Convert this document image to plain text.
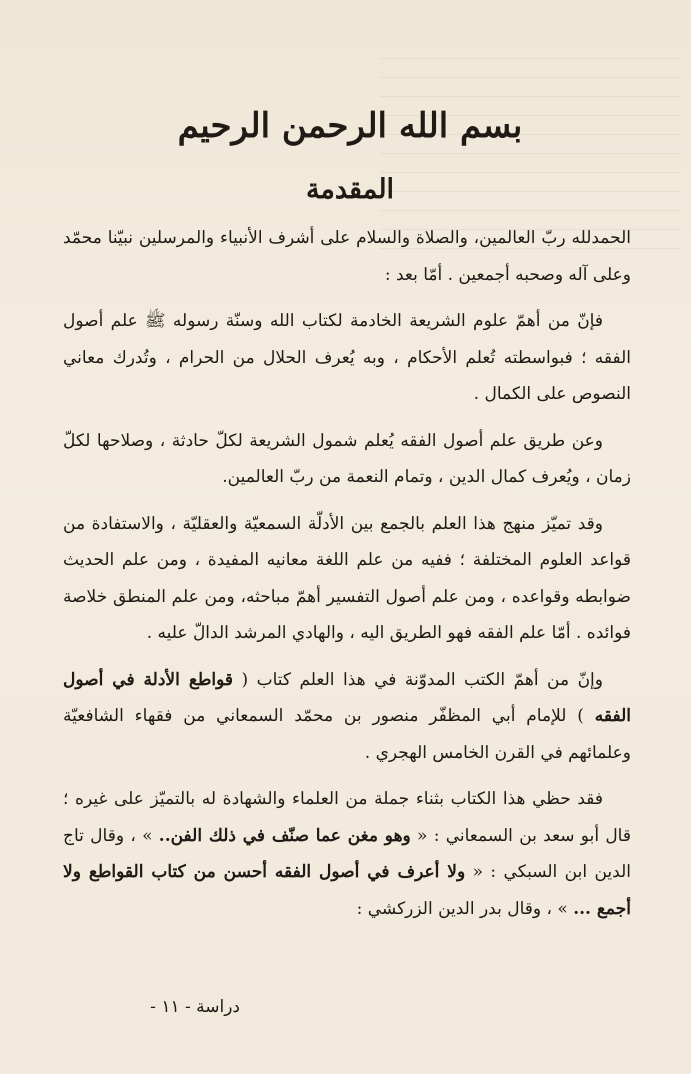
بسم الله الرحمن الرحيم
المقدمة

الحمدلله ربّ العالمين، والصلاة والسلام على أشرف الأنبياء والمرسلين نبيّنا محمّد وعلى آله وصحبه أجمعين . أمّا بعد :

فإنّ من أهمّ علوم الشريعة الخادمة لكتاب الله وسنّة رسوله ﷺ علم أصول الفقه ؛ فبواسطته تُعلم الأحكام ، وبه يُعرف الحلال من الحرام ، وتُدرك معاني النصوص على الكمال .

وعن طريق علم أصول الفقه يُعلم شمول الشريعة لكلّ حادثة ، وصلاحها لكلّ زمان ، ويُعرف كمال الدين ، وتمام النعمة من ربّ العالمين.

وقد تميّز منهج هذا العلم بالجمع بين الأدلّة السمعيّة والعقليّة ، والاستفادة من قواعد العلوم المختلفة ؛ ففيه من علم اللغة معانيه المفيدة ، ومن علم الحديث ضوابطه وقواعده ، ومن علم أصول التفسير أهمّ مباحثه، ومن علم المنطق خلاصة فوائده . أمّا علم الفقه فهو الطريق اليه ، والهادي المرشد الدالّ عليه .

وإنّ من أهمّ الكتب المدوّنة في هذا العلم كتاب ( قواطع الأدلة في أصول الفقه ) للإمام أبي المظفّر منصور بن محمّد السمعاني من فقهاء الشافعيّة وعلمائهم في القرن الخامس الهجري .

فقد حظي هذا الكتاب بثناء جملة من العلماء والشهادة له بالتميّز على غيره ؛ قال أبو سعد بن السمعاني : « وهو مغن عما صنّف في ذلك الفن.. » ، وقال تاج الدين ابن السبكي : « ولا أعرف في أصول الفقه أحسن من كتاب القواطع ولا أجمع ... » ، وقال بدر الدين الزركشي :

دراسة - ١١ -
